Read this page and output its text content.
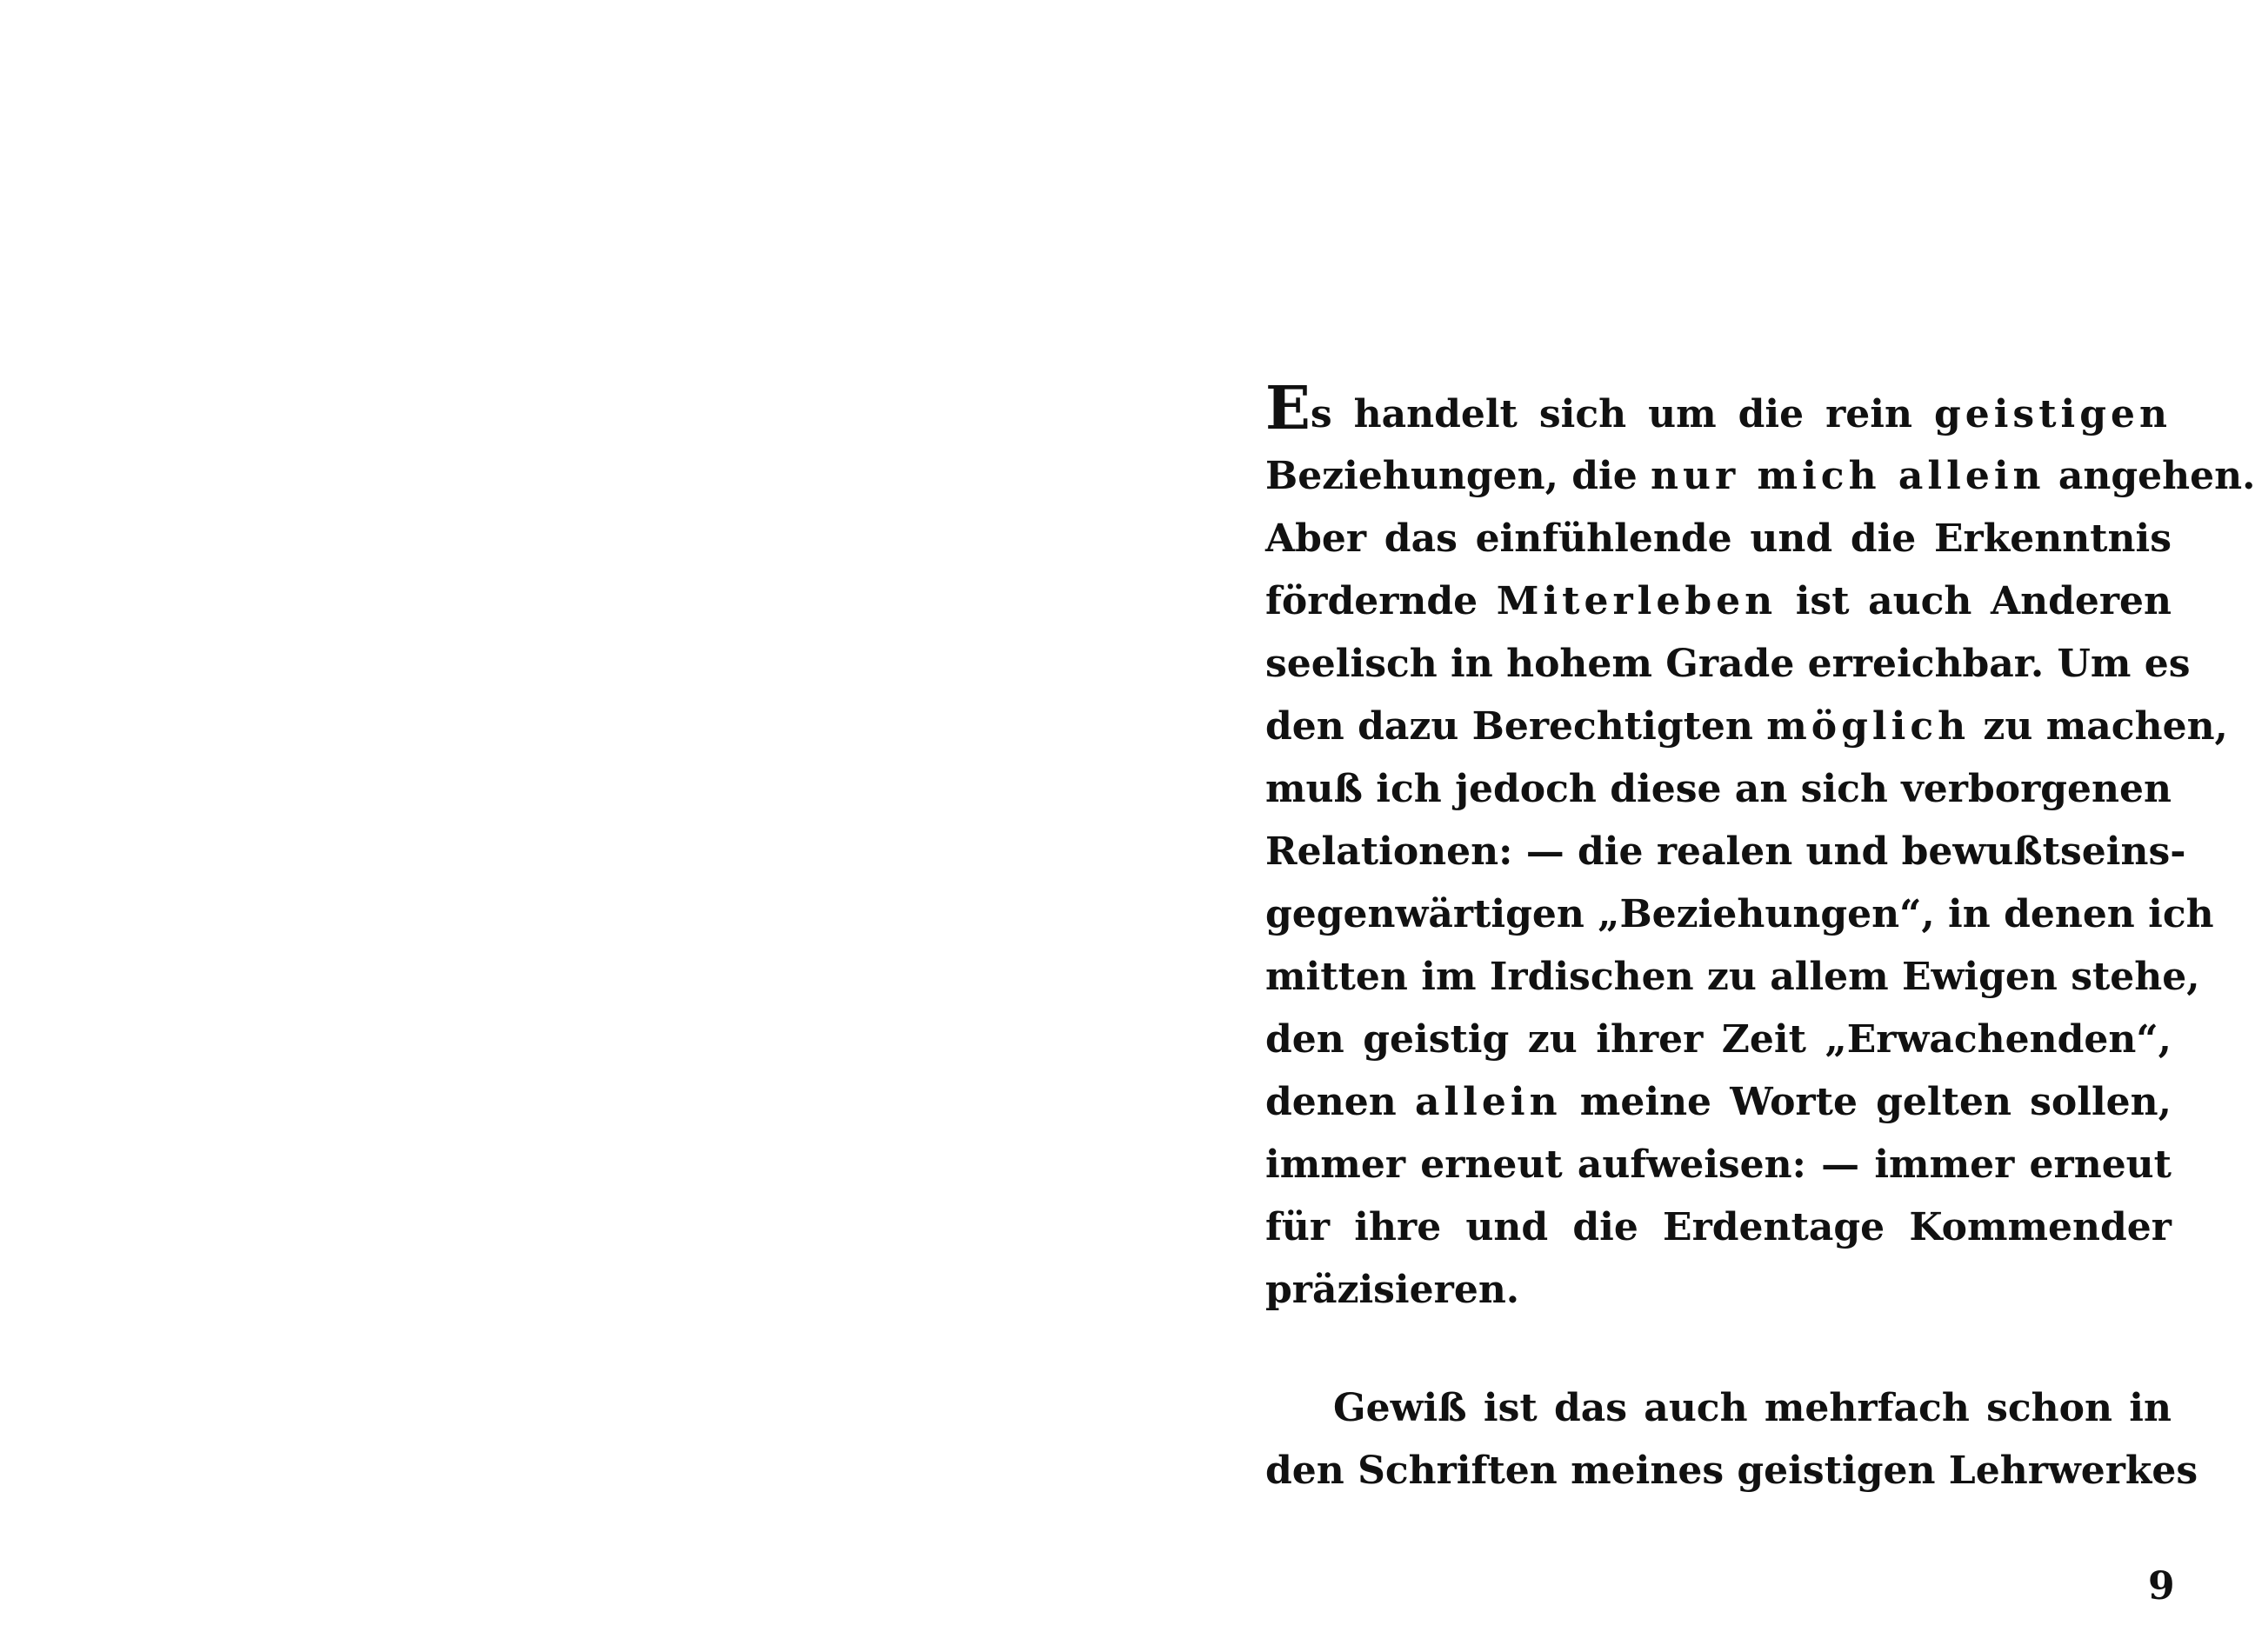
Es handelt sich um die rein geistigen
Beziehungen, die nur mich allein angehen.
Aber das einfühlende und die Erkenntnis
fördernde Miterleben ist auch Anderen
seelisch in hohem Grade erreichbar. Um es
den dazu Berechtigten möglich zu machen,
muß ich jedoch diese an sich verborgenen
Relationen: — die realen und bewußtseins-
gegenwärtigen „Beziehungen“, in denen ich
mitten im Irdischen zu allem Ewigen stehe,
den geistig zu ihrer Zeit „Erwachenden“,
denen allein meine Worte gelten sollen,
immer erneut aufweisen: — immer erneut
für ihre und die Erdentage Kommender
präzisieren.
Gewiß ist das auch mehrfach schon in
den Schriften meines geistigen Lehrwerkes
9
